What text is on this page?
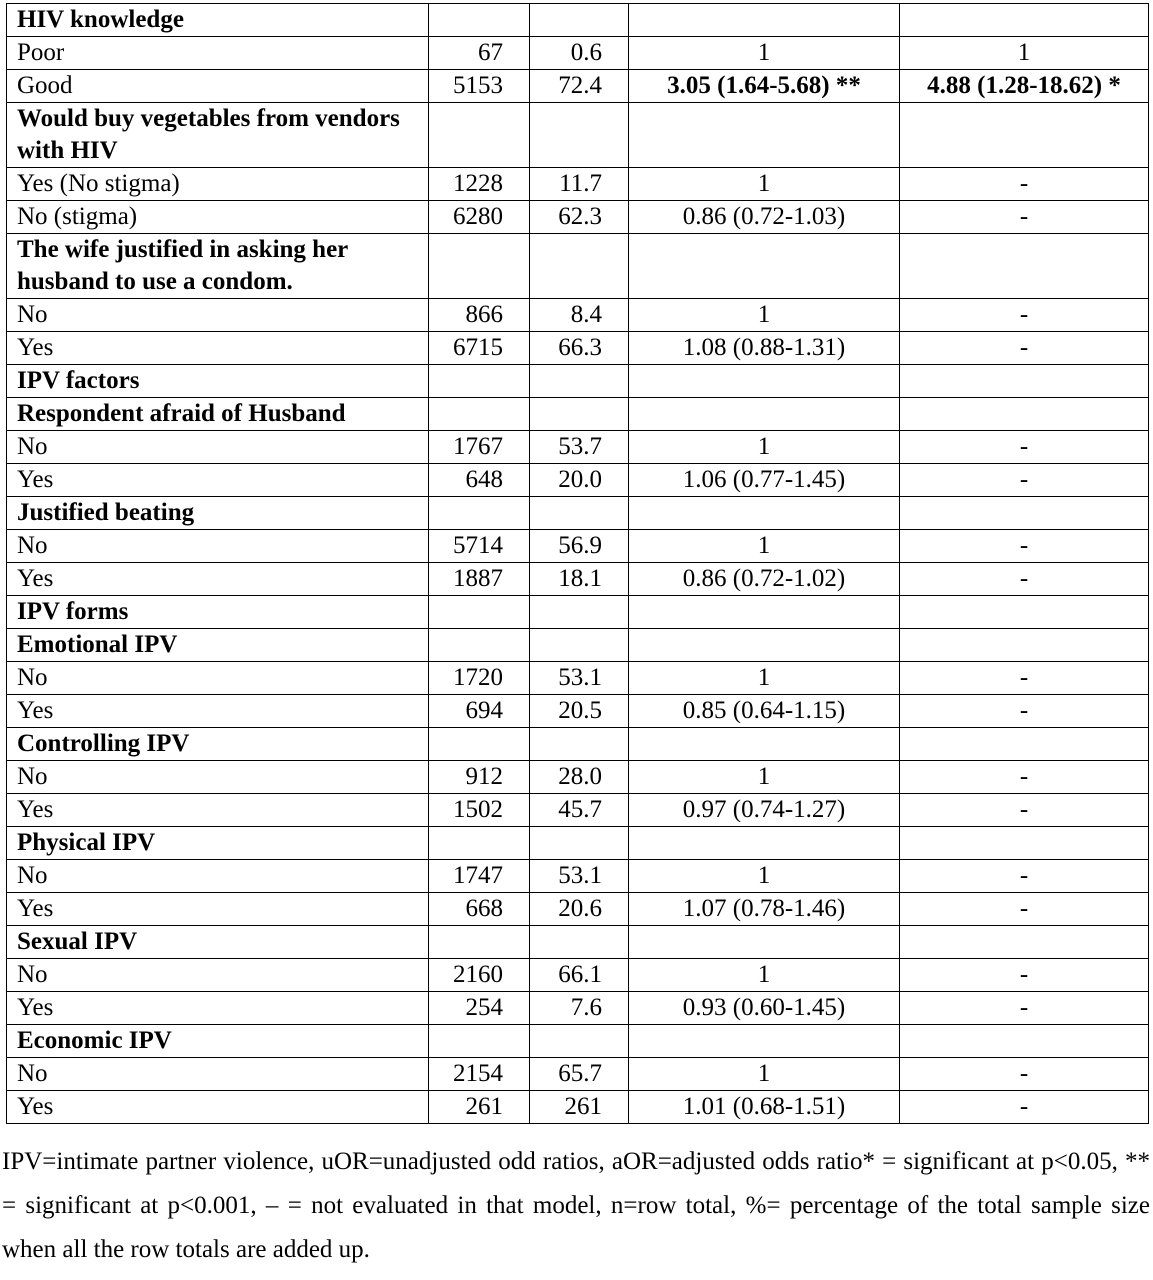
HIV knowledge				
Poor	67	0.6	1	1
Good	5153	72.4	3.05 (1.64-5.68) **	4.88 (1.28-18.62) *
Would buy vegetables from vendors with HIV				
Yes (No stigma)	1228	11.7	1	-
No (stigma)	6280	62.3	0.86 (0.72-1.03)	-
The wife justified in asking her husband to use a condom.				
No	866	8.4	1	-
Yes	6715	66.3	1.08 (0.88-1.31)	-
IPV factors				
Respondent afraid of Husband				
No	1767	53.7	1	-
Yes	648	20.0	1.06 (0.77-1.45)	-
Justified beating				
No	5714	56.9	1	-
Yes	1887	18.1	0.86 (0.72-1.02)	-
IPV forms				
Emotional IPV				
No	1720	53.1	1	-
Yes	694	20.5	0.85 (0.64-1.15)	-
Controlling IPV				
No	912	28.0	1	-
Yes	1502	45.7	0.97 (0.74-1.27)	-
Physical IPV				
No	1747	53.1	1	-
Yes	668	20.6	1.07 (0.78-1.46)	-
Sexual IPV				
No	2160	66.1	1	-
Yes	254	7.6	0.93 (0.60-1.45)	-
Economic IPV				
No	2154	65.7	1	-
Yes	261	261	1.01 (0.68-1.51)	-
IPV=intimate partner violence, uOR=unadjusted odd ratios, aOR=adjusted odds ratio* = significant at p<0.05, ** = significant at p<0.001, – = not evaluated in that model, n=row total, %= percentage of the total sample size when all the row totals are added up.
